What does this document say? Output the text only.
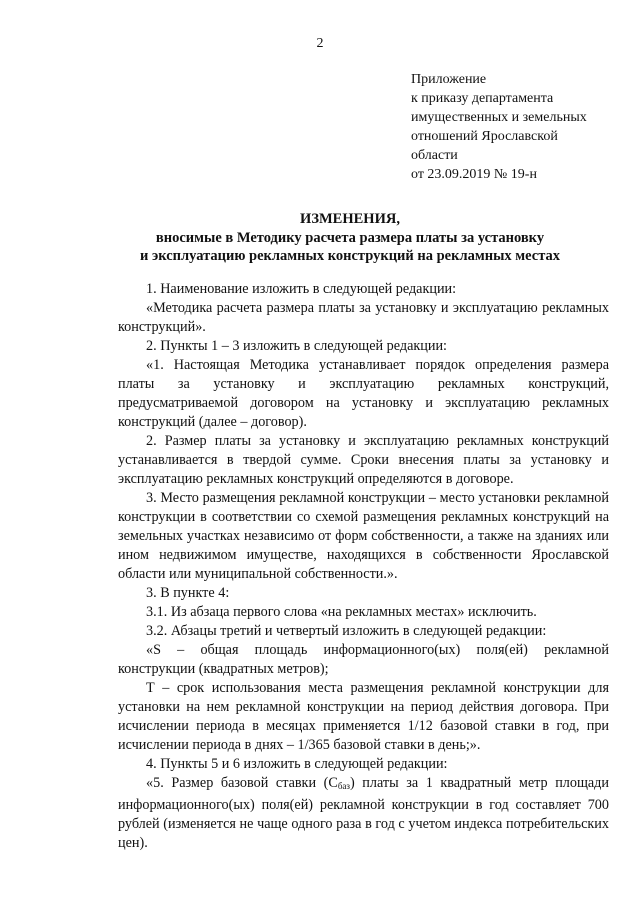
2
Приложение
к приказу департамента
имущественных и земельных
отношений Ярославской
области
от 23.09.2019 № 19-н
ИЗМЕНЕНИЯ,
вносимые в Методику расчета размера платы за установку
и эксплуатацию рекламных конструкций на рекламных местах

1. Наименование изложить в следующей редакции:

«Методика расчета размера платы за установку и эксплуатацию рекламных конструкций».

2. Пункты 1 – 3 изложить в следующей редакции:

«1. Настоящая Методика устанавливает порядок определения размера платы за установку и эксплуатацию рекламных конструкций, предусматриваемой договором на установку и эксплуатацию рекламных конструкций (далее – договор).

2. Размер платы за установку и эксплуатацию рекламных конструкций устанавливается в твердой сумме. Сроки внесения платы за установку и эксплуатацию рекламных конструкций определяются в договоре.

3. Место размещения рекламной конструкции – место установки рекламной конструкции в соответствии со схемой размещения рекламных конструкций на земельных участках независимо от форм собственности, а также на зданиях или ином недвижимом имуществе, находящихся в собственности Ярославской области или муниципальной собственности.».

3. В пункте 4:

3.1. Из абзаца первого слова «на рекламных местах» исключить.

3.2. Абзацы третий и четвертый изложить в следующей редакции:

«S – общая площадь информационного(ых) поля(ей) рекламной конструкции (квадратных метров);

Т – срок использования места размещения рекламной конструкции для установки на нем рекламной конструкции на период действия договора. При исчислении периода в месяцах применяется 1/12 базовой ставки в год, при исчислении периода в днях – 1/365 базовой ставки в день;».

4. Пункты 5 и 6 изложить в следующей редакции:

«5. Размер базовой ставки $(С_{баз})$ платы за 1 квадратный метр площади информационного(ых) поля(ей) рекламной конструкции в год составляет 700 рублей (изменяется не чаще одного раза в год с учетом индекса потребительских цен).
